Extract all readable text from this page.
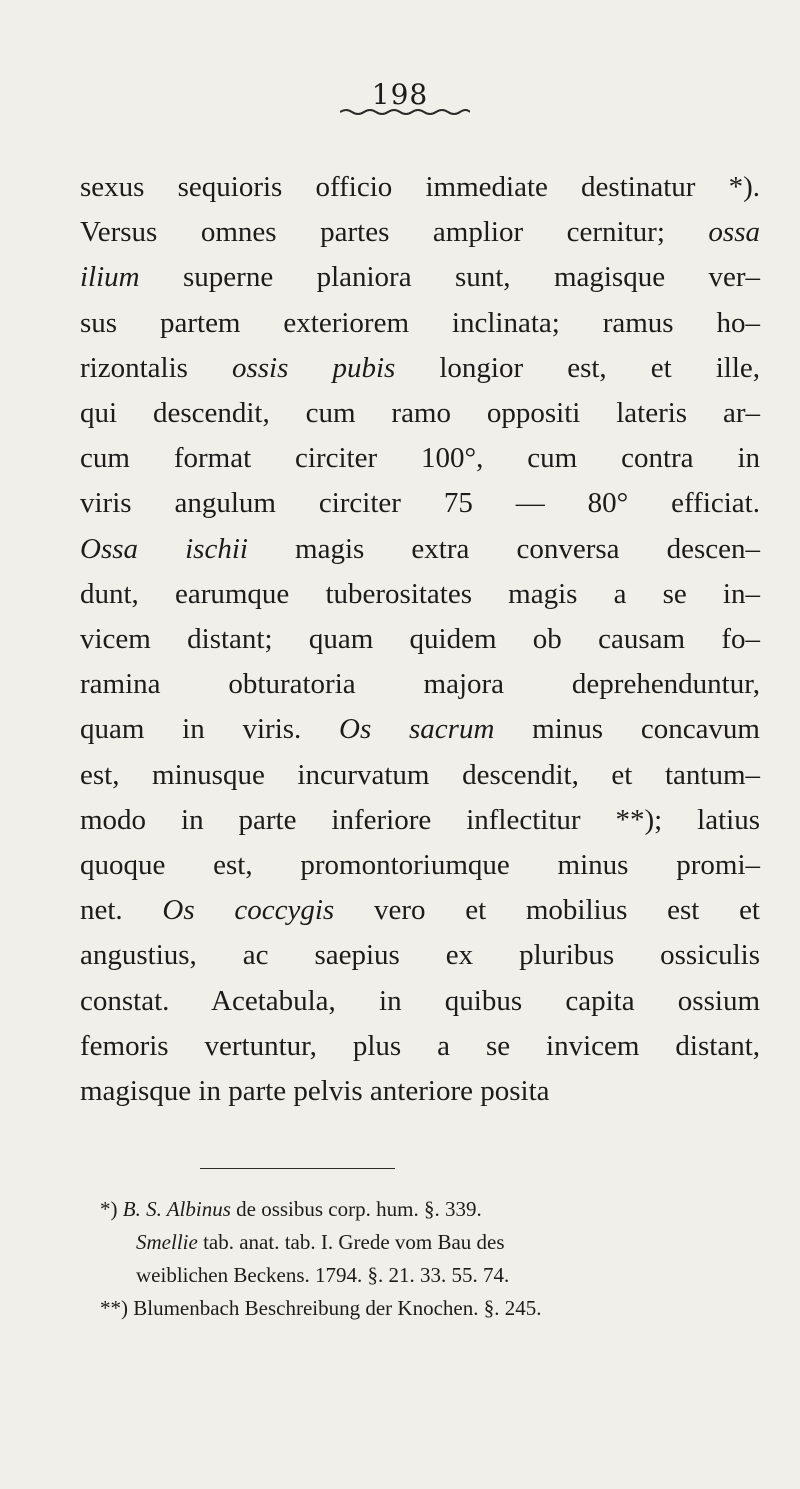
198
sexus sequioris officio immediate destinatur *).
Versus omnes partes amplior cernitur; ossa
ilium superne planiora sunt, magisque ver–
sus partem exteriorem inclinata; ramus ho–
rizontalis ossis pubis longior est, et ille,
qui descendit, cum ramo oppositi lateris ar–
cum format circiter 100°, cum contra in
viris angulum circiter 75 — 80° efficiat.
Ossa ischii magis extra conversa descen–
dunt, earumque tuberositates magis a se in–
vicem distant; quam quidem ob causam fo–
ramina obturatoria majora deprehenduntur,
quam in viris. Os sacrum minus concavum
est, minusque incurvatum descendit, et tantum–
modo in parte inferiore inflectitur **); latius
quoque est, promontoriumque minus promi–
net. Os coccygis vero et mobilius est et
angustius, ac saepius ex pluribus ossiculis
constat. Acetabula, in quibus capita ossium
femoris vertuntur, plus a se invicem distant,
magisque in parte pelvis anteriore posita
*) B. S. Albinus de ossibus corp. hum. §. 339.
Smellie tab. anat. tab. I. Grede vom Bau des
weiblichen Beckens. 1794. §. 21. 33. 55. 74.
**) Blumenbach Beschreibung der Knochen. §. 245.
